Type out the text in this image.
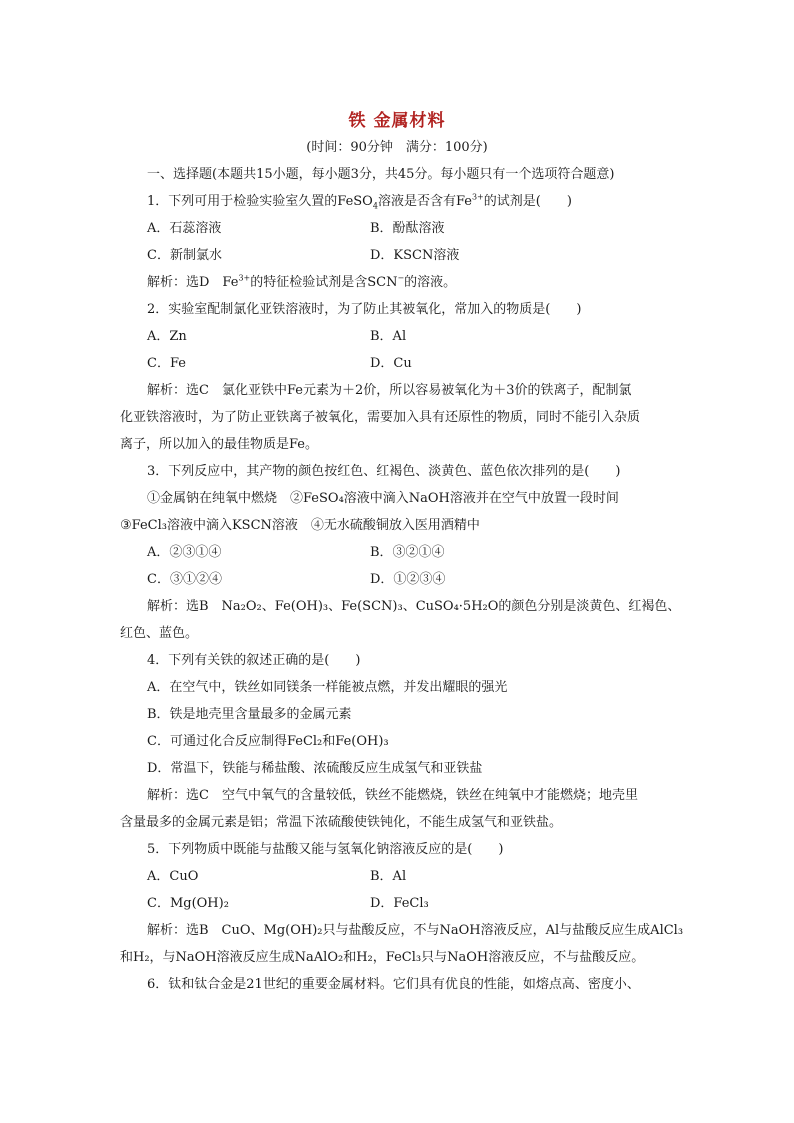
铁 金属材料
(时间：90分钟　满分：100分)
一、选择题(本题共15小题，每小题3分，共45分。每小题只有一个选项符合题意)
1．下列可用于检验实验室久置的FeSO$_4$溶液是否含有$Fe^{3+}$的试剂是(　　)
A．石蕊溶液	B．酚酞溶液
C．新制氯水	D．KSCN溶液
解析：选D　$Fe^{3+}$的特征检验试剂是含SCN−的溶液。
2．实验室配制氯化亚铁溶液时，为了防止其被氧化，常加入的物质是(　　)
A．Zn	B．Al
C．Fe	D．Cu
解析：选C　氯化亚铁中Fe元素为＋2价，所以容易被氧化为＋3价的铁离子，配制氯
化亚铁溶液时，为了防止亚铁离子被氧化，需要加入具有还原性的物质，同时不能引入杂质
离子，所以加入的最佳物质是Fe。
3．下列反应中，其产物的颜色按红色、红褐色、淡黄色、蓝色依次排列的是(　　)
①金属钠在纯氧中燃烧　②FeSO₄溶液中滴入NaOH溶液并在空气中放置一段时间
③FeCl₃溶液中滴入KSCN溶液　④无水硫酸铜放入医用酒精中
A．②③①④	B．③②①④
C．③①②④	D．①②③④
解析：选B　Na₂O₂、Fe(OH)₃、Fe(SCN)₃、CuSO₄·5H₂O的颜色分别是淡黄色、红褐色、
红色、蓝色。
4．下列有关铁的叙述正确的是(　　)
A．在空气中，铁丝如同镁条一样能被点燃，并发出耀眼的强光
B．铁是地壳里含量最多的金属元素
C．可通过化合反应制得FeCl₂和Fe(OH)₃
D．常温下，铁能与稀盐酸、浓硫酸反应生成氢气和亚铁盐
解析：选C　空气中氧气的含量较低，铁丝不能燃烧，铁丝在纯氧中才能燃烧；地壳里
含量最多的金属元素是铝；常温下浓硫酸使铁钝化，不能生成氢气和亚铁盐。
5．下列物质中既能与盐酸又能与氢氧化钠溶液反应的是(　　)
A．CuO	B．Al
C．Mg(OH)₂	D．FeCl₃
解析：选B　CuO、Mg(OH)₂只与盐酸反应，不与NaOH溶液反应，Al与盐酸反应生成AlCl₃
和H₂，与NaOH溶液反应生成NaAlO₂和H₂，FeCl₃只与NaOH溶液反应，不与盐酸反应。
6．钛和钛合金是21世纪的重要金属材料。它们具有优良的性能，如熔点高、密度小、
